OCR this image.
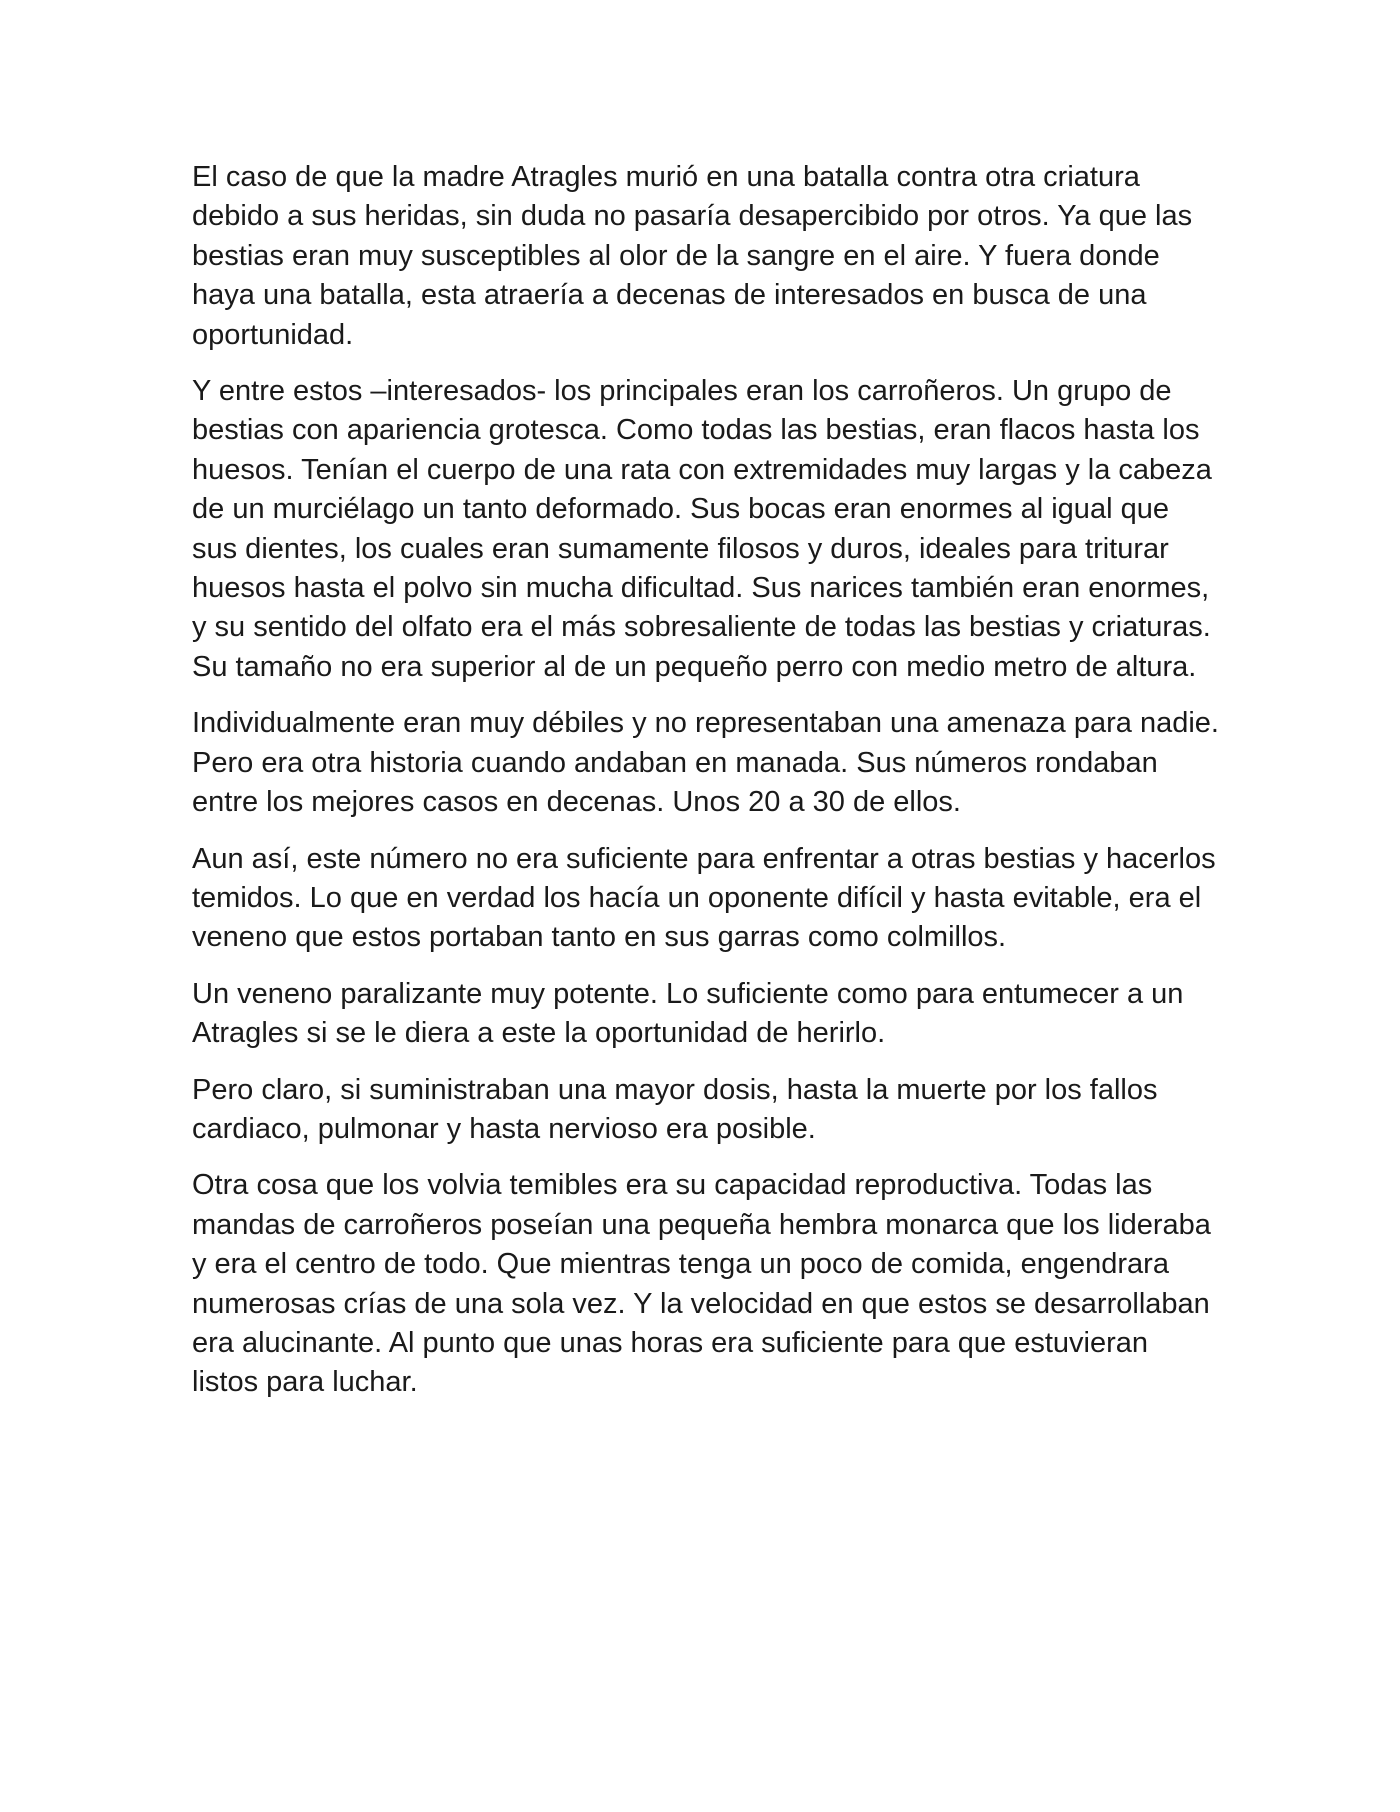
El caso de que la madre Atragles murió en una batalla contra otra criatura debido a sus heridas, sin duda no pasaría desapercibido por otros. Ya que las bestias eran muy susceptibles al olor de la sangre en el aire. Y fuera donde haya una batalla, esta atraería a decenas de interesados en busca de una oportunidad.

Y entre estos –interesados- los principales eran los carroñeros. Un grupo de bestias con apariencia grotesca. Como todas las bestias, eran flacos hasta los huesos. Tenían el cuerpo de una rata con extremidades muy largas y la cabeza de un murciélago un tanto deformado. Sus bocas eran enormes al igual que sus dientes, los cuales eran sumamente filosos y duros, ideales para triturar huesos hasta el polvo sin mucha dificultad. Sus narices también eran enormes, y su sentido del olfato era el más sobresaliente de todas las bestias y criaturas. Su tamaño no era superior al de un pequeño perro con medio metro de altura.

Individualmente eran muy débiles y no representaban una amenaza para nadie. Pero era otra historia cuando andaban en manada. Sus números rondaban entre los mejores casos en decenas. Unos 20 a 30 de ellos.

Aun así, este número no era suficiente para enfrentar a otras bestias y hacerlos temidos. Lo que en verdad los hacía un oponente difícil y hasta evitable, era el veneno que estos portaban tanto en sus garras como colmillos.

Un veneno paralizante muy potente. Lo suficiente como para entumecer a un Atragles si se le diera a este la oportunidad de herirlo.

Pero claro, si suministraban una mayor dosis, hasta la muerte por los fallos cardiaco, pulmonar y hasta nervioso era posible.

Otra cosa que los volvia temibles era su capacidad reproductiva. Todas las mandas de carroñeros poseían una pequeña hembra monarca que los lideraba y era el centro de todo. Que mientras tenga un poco de comida, engendrara numerosas crías de una sola vez. Y la velocidad en que estos se desarrollaban era alucinante. Al punto que unas horas era suficiente para que estuvieran listos para luchar.
